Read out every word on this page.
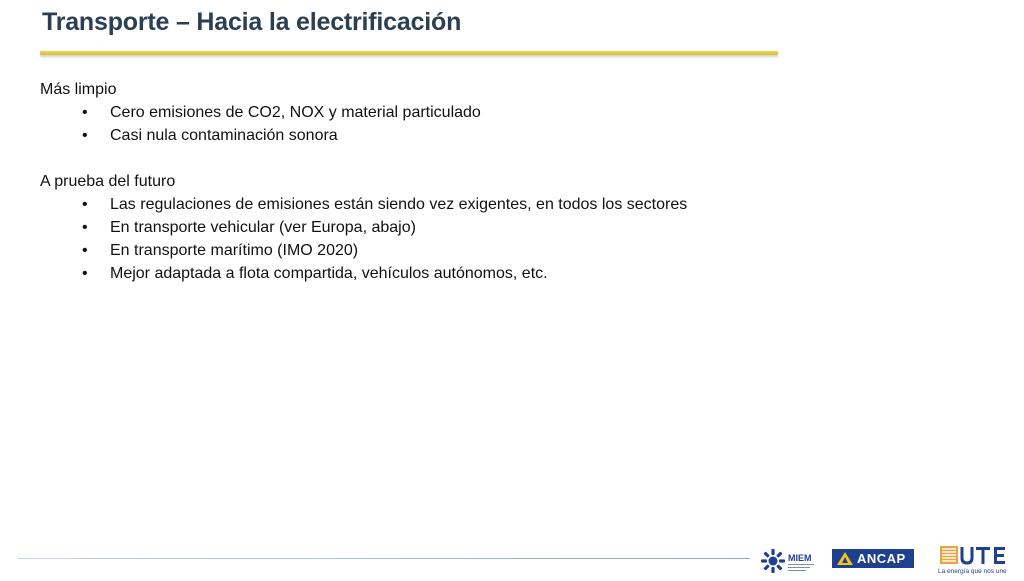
Transporte – Hacia la electrificación

Más limpio

• Cero emisiones de CO2, NOX y material particulado
• Casi nula contaminación sonora

A prueba del futuro

• Las regulaciones de emisiones están siendo vez exigentes, en todos los sectores
• En transporte vehicular (ver Europa, abajo)
• En transporte marítimo (IMO 2020)
• Mejor adaptada a flota compartida, vehículos autónomos, etc.
MIEM	ANCAP
La energía que nos une
